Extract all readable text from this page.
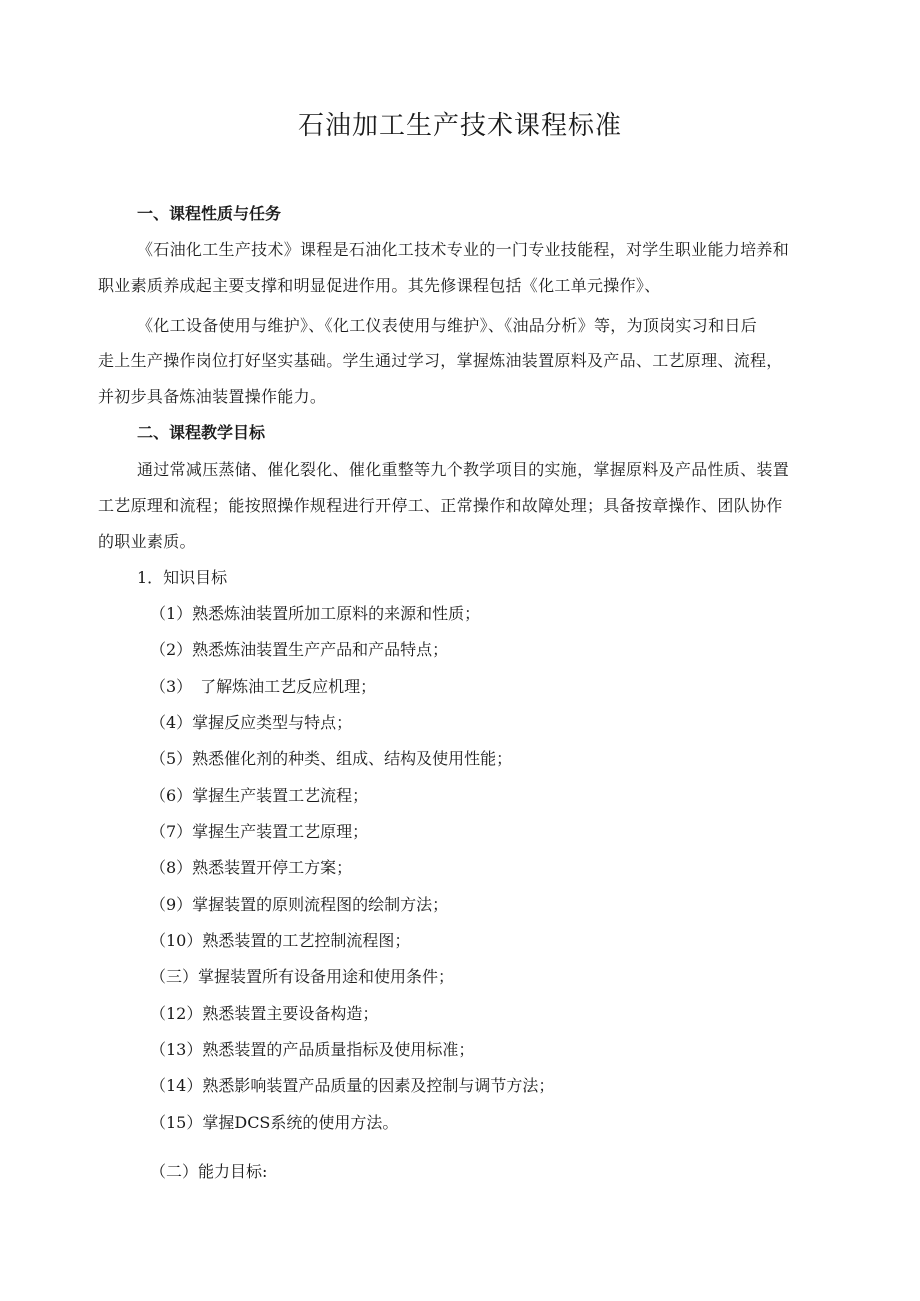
石油加工生产技术课程标准
一、课程性质与任务
《石油化工生产技术》课程是石油化工技术专业的一门专业技能程，对学生职业能力培养和
职业素质养成起主要支撑和明显促进作用。其先修课程包括《化工单元操作》、
《化工设备使用与维护》、《化工仪表使用与维护》、《油品分析》等，为顶岗实习和日后
走上生产操作岗位打好坚实基础。学生通过学习，掌握炼油装置原料及产品、工艺原理、流程，
并初步具备炼油装置操作能力。
二、课程教学目标
通过常减压蒸储、催化裂化、催化重整等九个教学项目的实施，掌握原料及产品性质、装置
工艺原理和流程；能按照操作规程进行开停工、正常操作和故障处理；具备按章操作、团队协作
的职业素质。
1．知识目标
（1）熟悉炼油装置所加工原料的来源和性质；
（2）熟悉炼油装置生产产品和产品特点；
（3）　了解炼油工艺反应机理；
（4）掌握反应类型与特点；
（5）熟悉催化剂的种类、组成、结构及使用性能；
（6）掌握生产装置工艺流程；
（7）掌握生产装置工艺原理；
（8）熟悉装置开停工方案；
（9）掌握装置的原则流程图的绘制方法；
（10）熟悉装置的工艺控制流程图；
（三）掌握装置所有设备用途和使用条件；
（12）熟悉装置主要设备构造；
（13）熟悉装置的产品质量指标及使用标准；
（14）熟悉影响装置产品质量的因素及控制与调节方法；
（15）掌握DCS系统的使用方法。
（二）能力目标:
